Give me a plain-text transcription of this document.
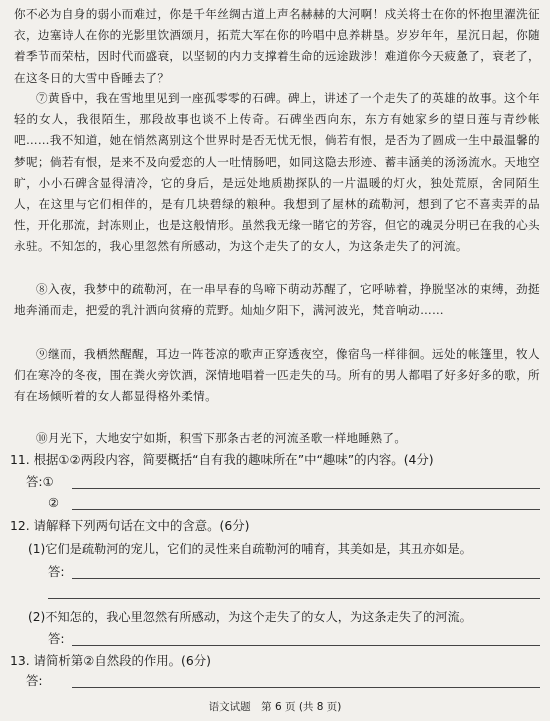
你不必为自身的弱小而难过，你是千年丝绸古道上声名赫赫的大河啊！戍关将士在你的怀抱里濯洗征衣，边塞诗人在你的光影里饮酒颂月，拓荒大军在你的吟唱中息养耕垦。岁岁年年，星沉日起，你随着季节而荣枯，因时代而盛衰，以坚韧的内力支撑着生命的远途跋涉！难道你今天疲惫了，衰老了，在这冬日的大雪中昏睡去了？
⑦黄昏中，我在雪地里见到一座孤零零的石碑。碑上，讲述了一个走失了的英雄的故事。这个年轻的女人，我很陌生，那段故事也谈不上传奇。石碑坐西向东，东方有她家乡的望日莲与青纱帐吧……我不知道，她在悄然离别这个世界时是否无忧无恨，倘若有恨，是否为了圆成一生中最温馨的梦呢；倘若有恨，是来不及向爱恋的人一吐情肠吧，如同这隐去形迹、蓄丰涵美的汤汤流水。天地空旷，小小石碑含显得清冷，它的身后，是远处地质勘探队的一片温暖的灯火，独处荒原，舍同陌生人，在这里与它们相伴的，是有几块碧绿的粮种。我想到了屋林的疏勒河，想到了它不喜卖弄的品性，开化那流，封冻则止，也是这般情形。虽然我无缘一睹它的芳容，但它的魂灵分明已在我的心头永驻。不知怎的，我心里忽然有所感动，为这个走失了的女人，为这条走失了的河流。
⑧入夜，我梦中的疏勒河，在一串早春的鸟啼下萌动苏醒了，它呼哧着，挣脱坚冰的束缚，劲挺地奔涌而走，把爱的乳汁洒向贫瘠的荒野。灿灿夕阳下，满河波光，梵音响动……
⑨继而，我栖然醒醒，耳边一阵苍凉的歌声正穿透夜空，像宿鸟一样徘徊。远处的帐篷里，牧人们在寒冷的冬夜，围在粪火旁饮酒，深情地唱着一匹走失的马。所有的男人都唱了好多好多的歌，所有在场倾听着的女人都显得格外柔情。
⑩月光下，大地安宁如斯，积雪下那条古老的河流圣歌一样地睡熟了。
11. 根据①②两段内容，简要概括“自有我的趣味所在”中“趣味”的内容。(4分)
答:①
②
12. 请解释下列两句话在文中的含意。(6分)
(1)它们是疏勒河的宠儿，它们的灵性来自疏勒河的哺育，其美如是，其丑亦如是。
答:
(2)不知怎的，我心里忽然有所感动，为这个走失了的女人，为这条走失了的河流。
答:
13. 请简析第②自然段的作用。(6分)
答:
语文试题　第 6 页 (共 8 页)
